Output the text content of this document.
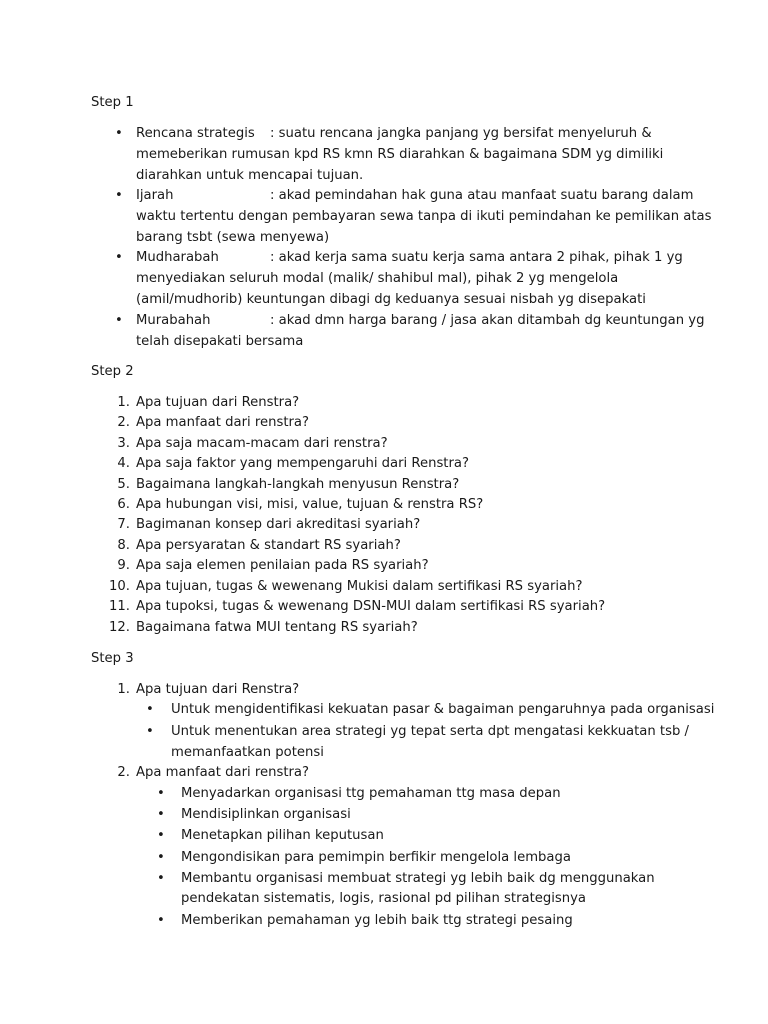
Step 1
• Rencana strategis : suatu rencana jangka panjang yg bersifat menyeluruh &
memeberikan rumusan kpd RS kmn RS diarahkan & bagaimana SDM yg dimiliki
diarahkan untuk mencapai tujuan.
• Ijarah	: akad pemindahan hak guna atau manfaat suatu barang dalam
waktu tertentu dengan pembayaran sewa tanpa di ikuti pemindahan ke pemilikan atas
barang tsbt (sewa menyewa)
• Mudharabah	: akad kerja sama suatu kerja sama antara 2 pihak, pihak 1 yg
menyediakan seluruh modal (malik/ shahibul mal), pihak 2 yg mengelola
(amil/mudhorib) keuntungan dibagi dg keduanya sesuai nisbah yg disepakati
• Murabahah	: akad dmn harga barang / jasa akan ditambah dg keuntungan yg
telah disepakati bersama
Step 2
1. Apa tujuan dari Renstra?
2. Apa manfaat dari renstra?
3. Apa saja macam-macam dari renstra?
4. Apa saja faktor yang mempengaruhi dari Renstra?
5. Bagaimana langkah-langkah menyusun Renstra?
6. Apa hubungan visi, misi, value, tujuan & renstra RS?
7. Bagimanan konsep dari akreditasi syariah?
8. Apa persyaratan & standart RS syariah?
9. Apa saja elemen penilaian pada RS syariah?
10. Apa tujuan, tugas & wewenang Mukisi dalam sertifikasi RS syariah?
11. Apa tupoksi, tugas & wewenang DSN-MUI dalam sertifikasi RS syariah?
12. Bagaimana fatwa MUI tentang RS syariah?
Step 3
1. Apa tujuan dari Renstra?
• Untuk mengidentifikasi kekuatan pasar & bagaiman pengaruhnya pada organisasi
• Untuk menentukan area strategi yg tepat serta dpt mengatasi kekkuatan tsb /
memanfaatkan potensi
2. Apa manfaat dari renstra?
• Menyadarkan organisasi ttg pemahaman ttg masa depan
• Mendisiplinkan organisasi
• Menetapkan pilihan keputusan
• Mengondisikan para pemimpin berfikir mengelola lembaga
• Membantu organisasi membuat strategi yg lebih baik dg menggunakan
pendekatan sistematis, logis, rasional pd pilihan strategisnya
• Memberikan pemahaman yg lebih baik ttg strategi pesaing
